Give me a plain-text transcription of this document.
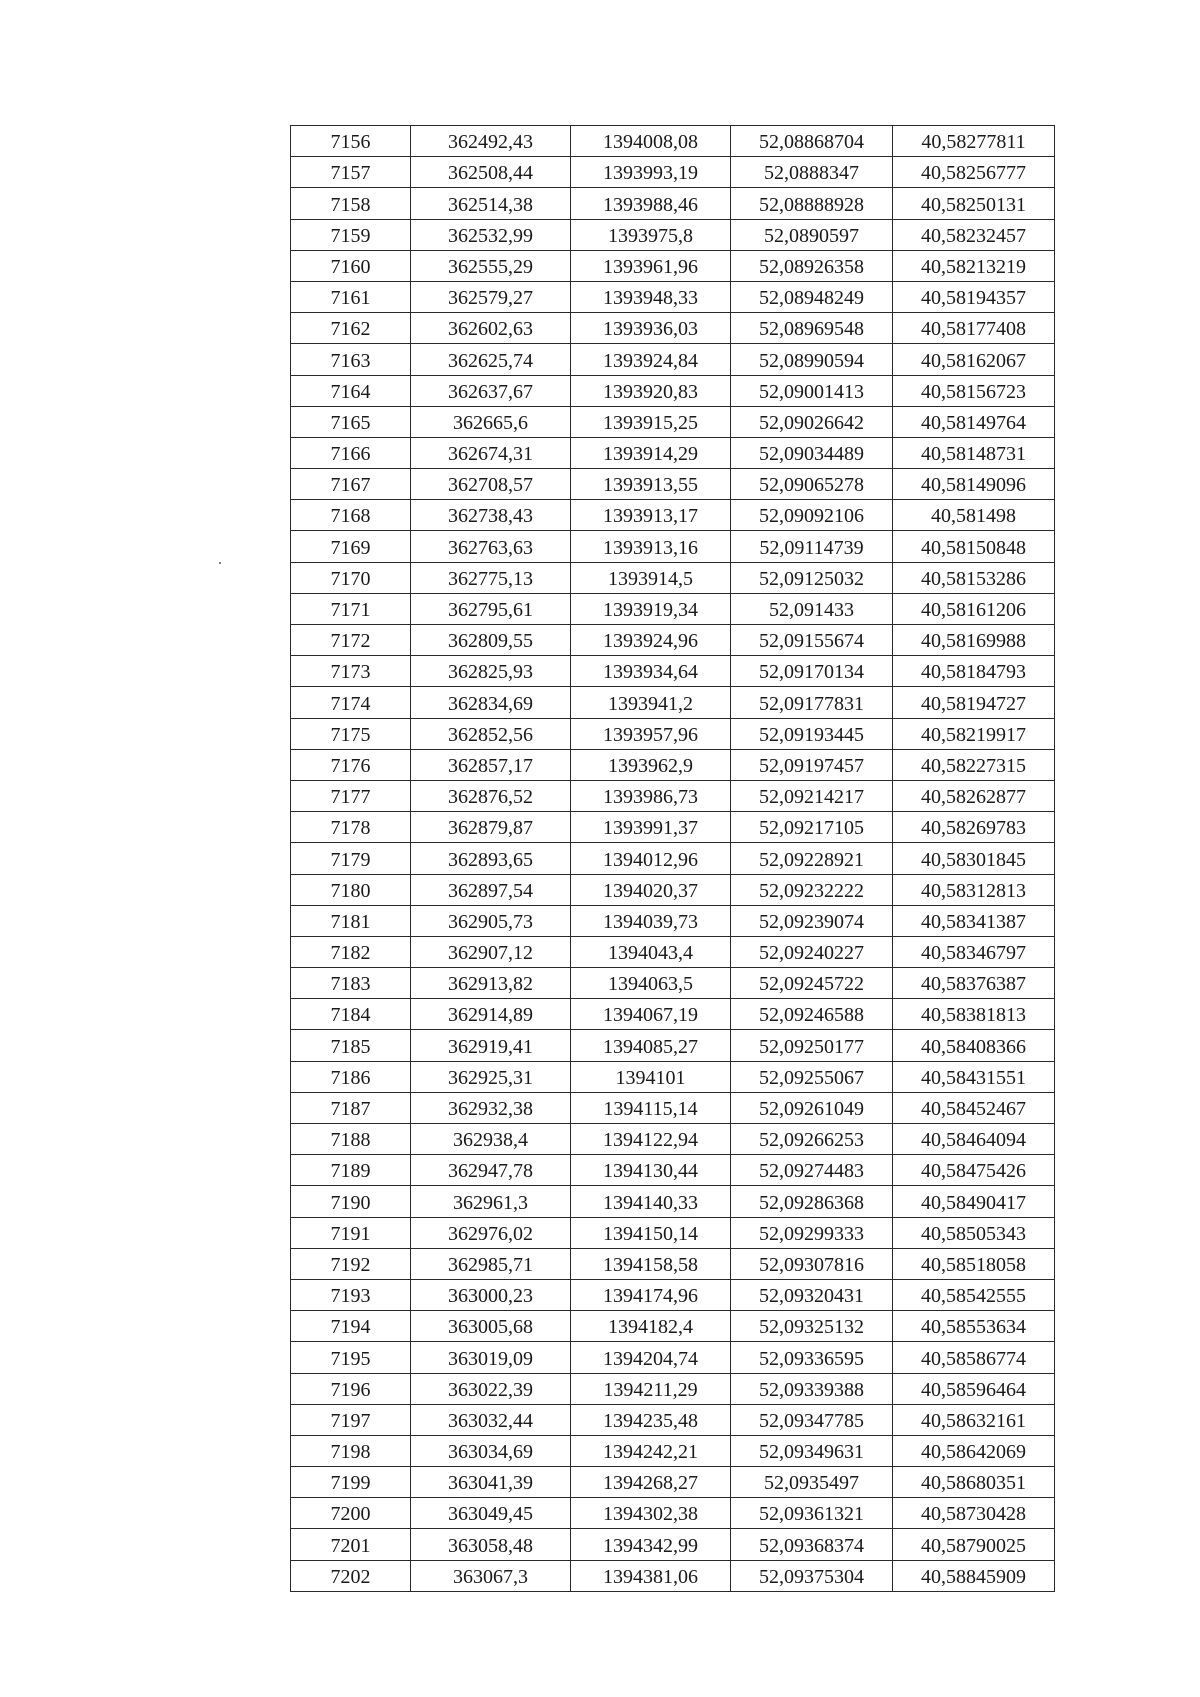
7156	362492,43	1394008,08	52,08868704	40,58277811
7157	362508,44	1393993,19	52,0888347	40,58256777
7158	362514,38	1393988,46	52,08888928	40,58250131
7159	362532,99	1393975,8	52,0890597	40,58232457
7160	362555,29	1393961,96	52,08926358	40,58213219
7161	362579,27	1393948,33	52,08948249	40,58194357
7162	362602,63	1393936,03	52,08969548	40,58177408
7163	362625,74	1393924,84	52,08990594	40,58162067
7164	362637,67	1393920,83	52,09001413	40,58156723
7165	362665,6	1393915,25	52,09026642	40,58149764
7166	362674,31	1393914,29	52,09034489	40,58148731
7167	362708,57	1393913,55	52,09065278	40,58149096
7168	362738,43	1393913,17	52,09092106	40,581498
7169	362763,63	1393913,16	52,09114739	40,58150848
7170	362775,13	1393914,5	52,09125032	40,58153286
7171	362795,61	1393919,34	52,091433	40,58161206
7172	362809,55	1393924,96	52,09155674	40,58169988
7173	362825,93	1393934,64	52,09170134	40,58184793
7174	362834,69	1393941,2	52,09177831	40,58194727
7175	362852,56	1393957,96	52,09193445	40,58219917
7176	362857,17	1393962,9	52,09197457	40,58227315
7177	362876,52	1393986,73	52,09214217	40,58262877
7178	362879,87	1393991,37	52,09217105	40,58269783
7179	362893,65	1394012,96	52,09228921	40,58301845
7180	362897,54	1394020,37	52,09232222	40,58312813
7181	362905,73	1394039,73	52,09239074	40,58341387
7182	362907,12	1394043,4	52,09240227	40,58346797
7183	362913,82	1394063,5	52,09245722	40,58376387
7184	362914,89	1394067,19	52,09246588	40,58381813
7185	362919,41	1394085,27	52,09250177	40,58408366
7186	362925,31	1394101	52,09255067	40,58431551
7187	362932,38	1394115,14	52,09261049	40,58452467
7188	362938,4	1394122,94	52,09266253	40,58464094
7189	362947,78	1394130,44	52,09274483	40,58475426
7190	362961,3	1394140,33	52,09286368	40,58490417
7191	362976,02	1394150,14	52,09299333	40,58505343
7192	362985,71	1394158,58	52,09307816	40,58518058
7193	363000,23	1394174,96	52,09320431	40,58542555
7194	363005,68	1394182,4	52,09325132	40,58553634
7195	363019,09	1394204,74	52,09336595	40,58586774
7196	363022,39	1394211,29	52,09339388	40,58596464
7197	363032,44	1394235,48	52,09347785	40,58632161
7198	363034,69	1394242,21	52,09349631	40,58642069
7199	363041,39	1394268,27	52,0935497	40,58680351
7200	363049,45	1394302,38	52,09361321	40,58730428
7201	363058,48	1394342,99	52,09368374	40,58790025
7202	363067,3	1394381,06	52,09375304	40,58845909
